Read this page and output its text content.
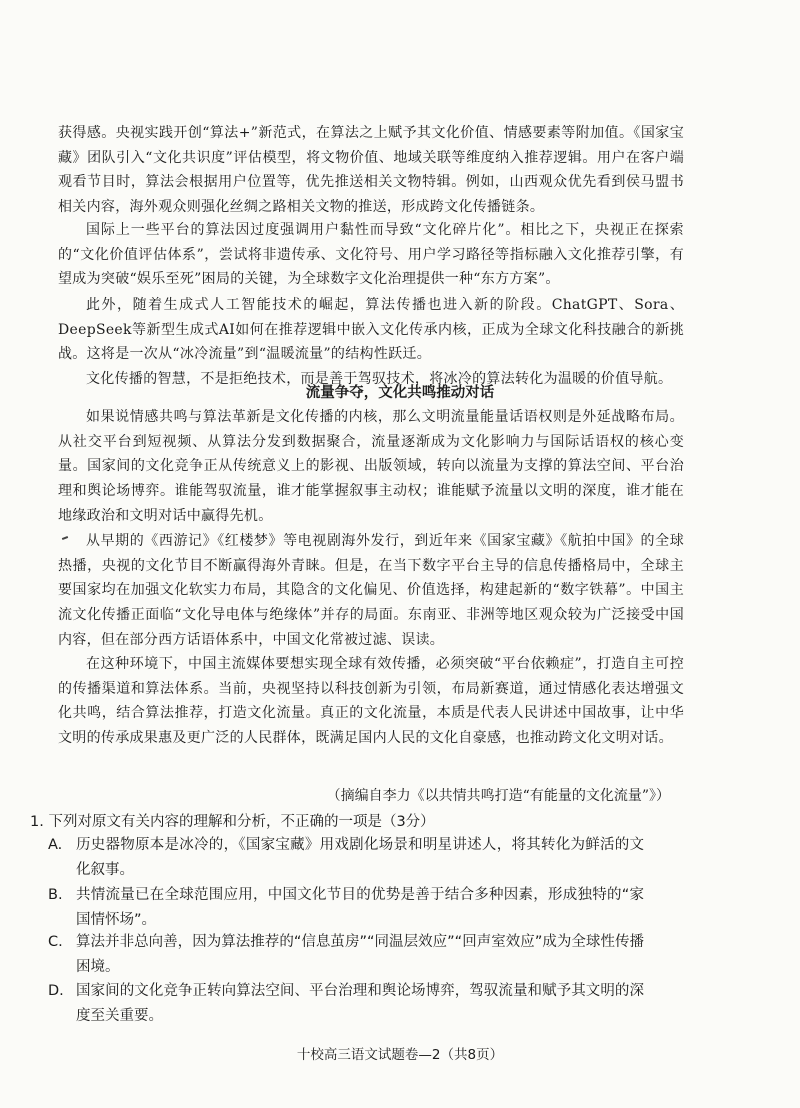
获得感。央视实践开创“算法+”新范式，在算法之上赋予其文化价值、情感要素等附加值。《国家宝藏》团队引入“文化共识度”评估模型，将文物价值、地域关联等维度纳入推荐逻辑。用户在客户端观看节目时，算法会根据用户位置等，优先推送相关文物特辑。例如，山西观众优先看到侯马盟书相关内容，海外观众则强化丝绸之路相关文物的推送，形成跨文化传播链条。

国际上一些平台的算法因过度强调用户黏性而导致“文化碎片化”。相比之下，央视正在探索的“文化价值评估体系”，尝试将非遗传承、文化符号、用户学习路径等指标融入文化推荐引擎，有望成为突破“娱乐至死”困局的关键，为全球数字文化治理提供一种“东方方案”。

此外，随着生成式人工智能技术的崛起，算法传播也进入新的阶段。ChatGPT、Sora、DeepSeek等新型生成式AI如何在推荐逻辑中嵌入文化传承内核，正成为全球文化科技融合的新挑战。这将是一次从“冰冷流量”到“温暖流量”的结构性跃迁。

文化传播的智慧，不是拒绝技术，而是善于驾驭技术，将冰冷的算法转化为温暖的价值导航。

流量争夺，文化共鸣推动对话

如果说情感共鸣与算法革新是文化传播的内核，那么文明流量能量话语权则是外延战略布局。从社交平台到短视频、从算法分发到数据聚合，流量逐渐成为文化影响力与国际话语权的核心变量。国家间的文化竞争正从传统意义上的影视、出版领域，转向以流量为支撑的算法空间、平台治理和舆论场博弈。谁能驾驭流量，谁才能掌握叙事主动权；谁能赋予流量以文明的深度，谁才能在地缘政治和文明对话中赢得先机。

从早期的《西游记》《红楼梦》等电视剧海外发行，到近年来《国家宝藏》《航拍中国》的全球热播，央视的文化节目不断赢得海外青睐。但是，在当下数字平台主导的信息传播格局中，全球主要国家均在加强文化软实力布局，其隐含的文化偏见、价值选择，构建起新的“数字铁幕”。中国主流文化传播正面临“文化导电体与绝缘体”并存的局面。东南亚、非洲等地区观众较为广泛接受中国内容，但在部分西方话语体系中，中国文化常被过滤、误读。

在这种环境下，中国主流媒体要想实现全球有效传播，必须突破“平台依赖症”，打造自主可控的传播渠道和算法体系。当前，央视坚持以科技创新为引领，布局新赛道，通过情感化表达增强文化共鸣，结合算法推荐，打造文化流量。真正的文化流量，本质是代表人民讲述中国故事，让中华文明的传承成果惠及更广泛的人民群体，既满足国内人民的文化自豪感，也推动跨文化文明对话。

（摘编自李力《以共情共鸣打造“有能量的文化流量”》）
1. 下列对原文有关内容的理解和分析，不正确的一项是（3分）
A. 历史器物原本是冰冷的，《国家宝藏》用戏剧化场景和明星讲述人，将其转化为鲜活的文化叙事。
B. 共情流量已在全球范围应用，中国文化节目的优势是善于结合多种因素，形成独特的“家国情怀场”。
C. 算法并非总向善，因为算法推荐的“信息茧房”“同温层效应”“回声室效应”成为全球性传播困境。
D. 国家间的文化竞争正转向算法空间、平台治理和舆论场博弈，驾驭流量和赋予其文明的深度至关重要。
十校高三语文试题卷—2（共8页）
